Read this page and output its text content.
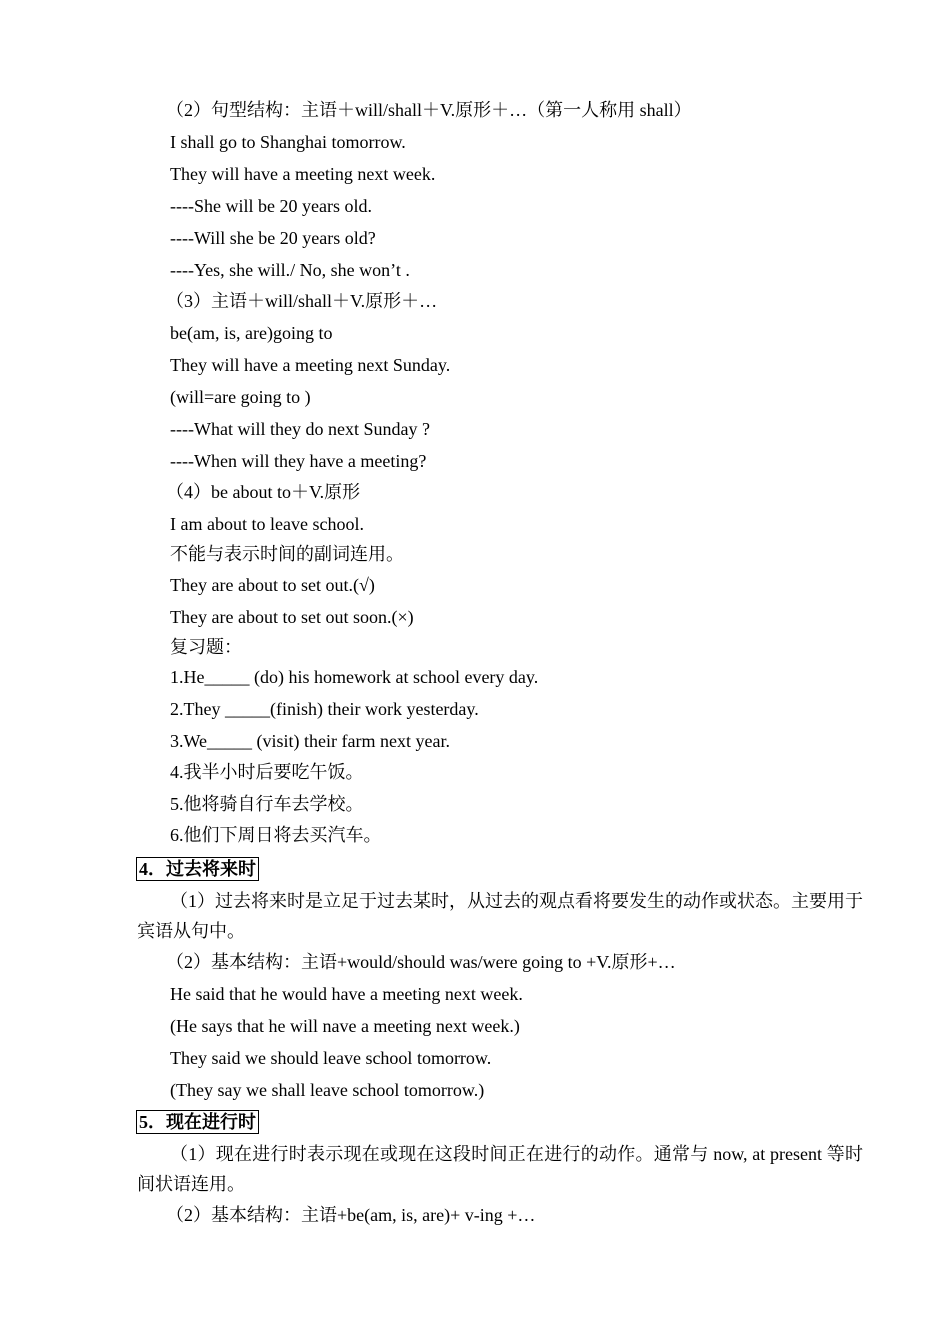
（2）句型结构：主语＋will/shall＋V.原形＋…（第一人称用 shall）
I shall go to Shanghai tomorrow.
They will have a meeting next week.
----She will be 20 years old.
----Will she be 20 years old?
----Yes, she will./ No, she won’t .
（3）主语＋will/shall＋V.原形＋…
be(am, is, are)going to
They will have a meeting next Sunday.
(will=are going to )
----What will they do next Sunday ?
----When will they have a meeting?
（4）be about to＋V.原形
I am about to leave school.
不能与表示时间的副词连用。
They are about to set out.(√)
They are about to set out soon.(×)
复习题：
1.He_____ (do) his homework at school every day.
2.They _____(finish) their work yesterday.
3.We_____ (visit) their farm next year.
4.我半小时后要吃午饭。
5.他将骑自行车去学校。
6.他们下周日将去买汽车。
4．过去将来时
（1）过去将来时是立足于过去某时，从过去的观点看将要发生的动作或状态。主要用于宾语从句中。
（2）基本结构：主语+would/should was/were going to +V.原形+…
He said that he would have a meeting next week.
(He says that he will nave a meeting next week.)
They said we should leave school tomorrow.
(They say we shall leave school tomorrow.)
5．现在进行时
（1）现在进行时表示现在或现在这段时间正在进行的动作。通常与 now, at present 等时间状语连用。
（2）基本结构：主语+be(am, is, are)+ v-ing +…
